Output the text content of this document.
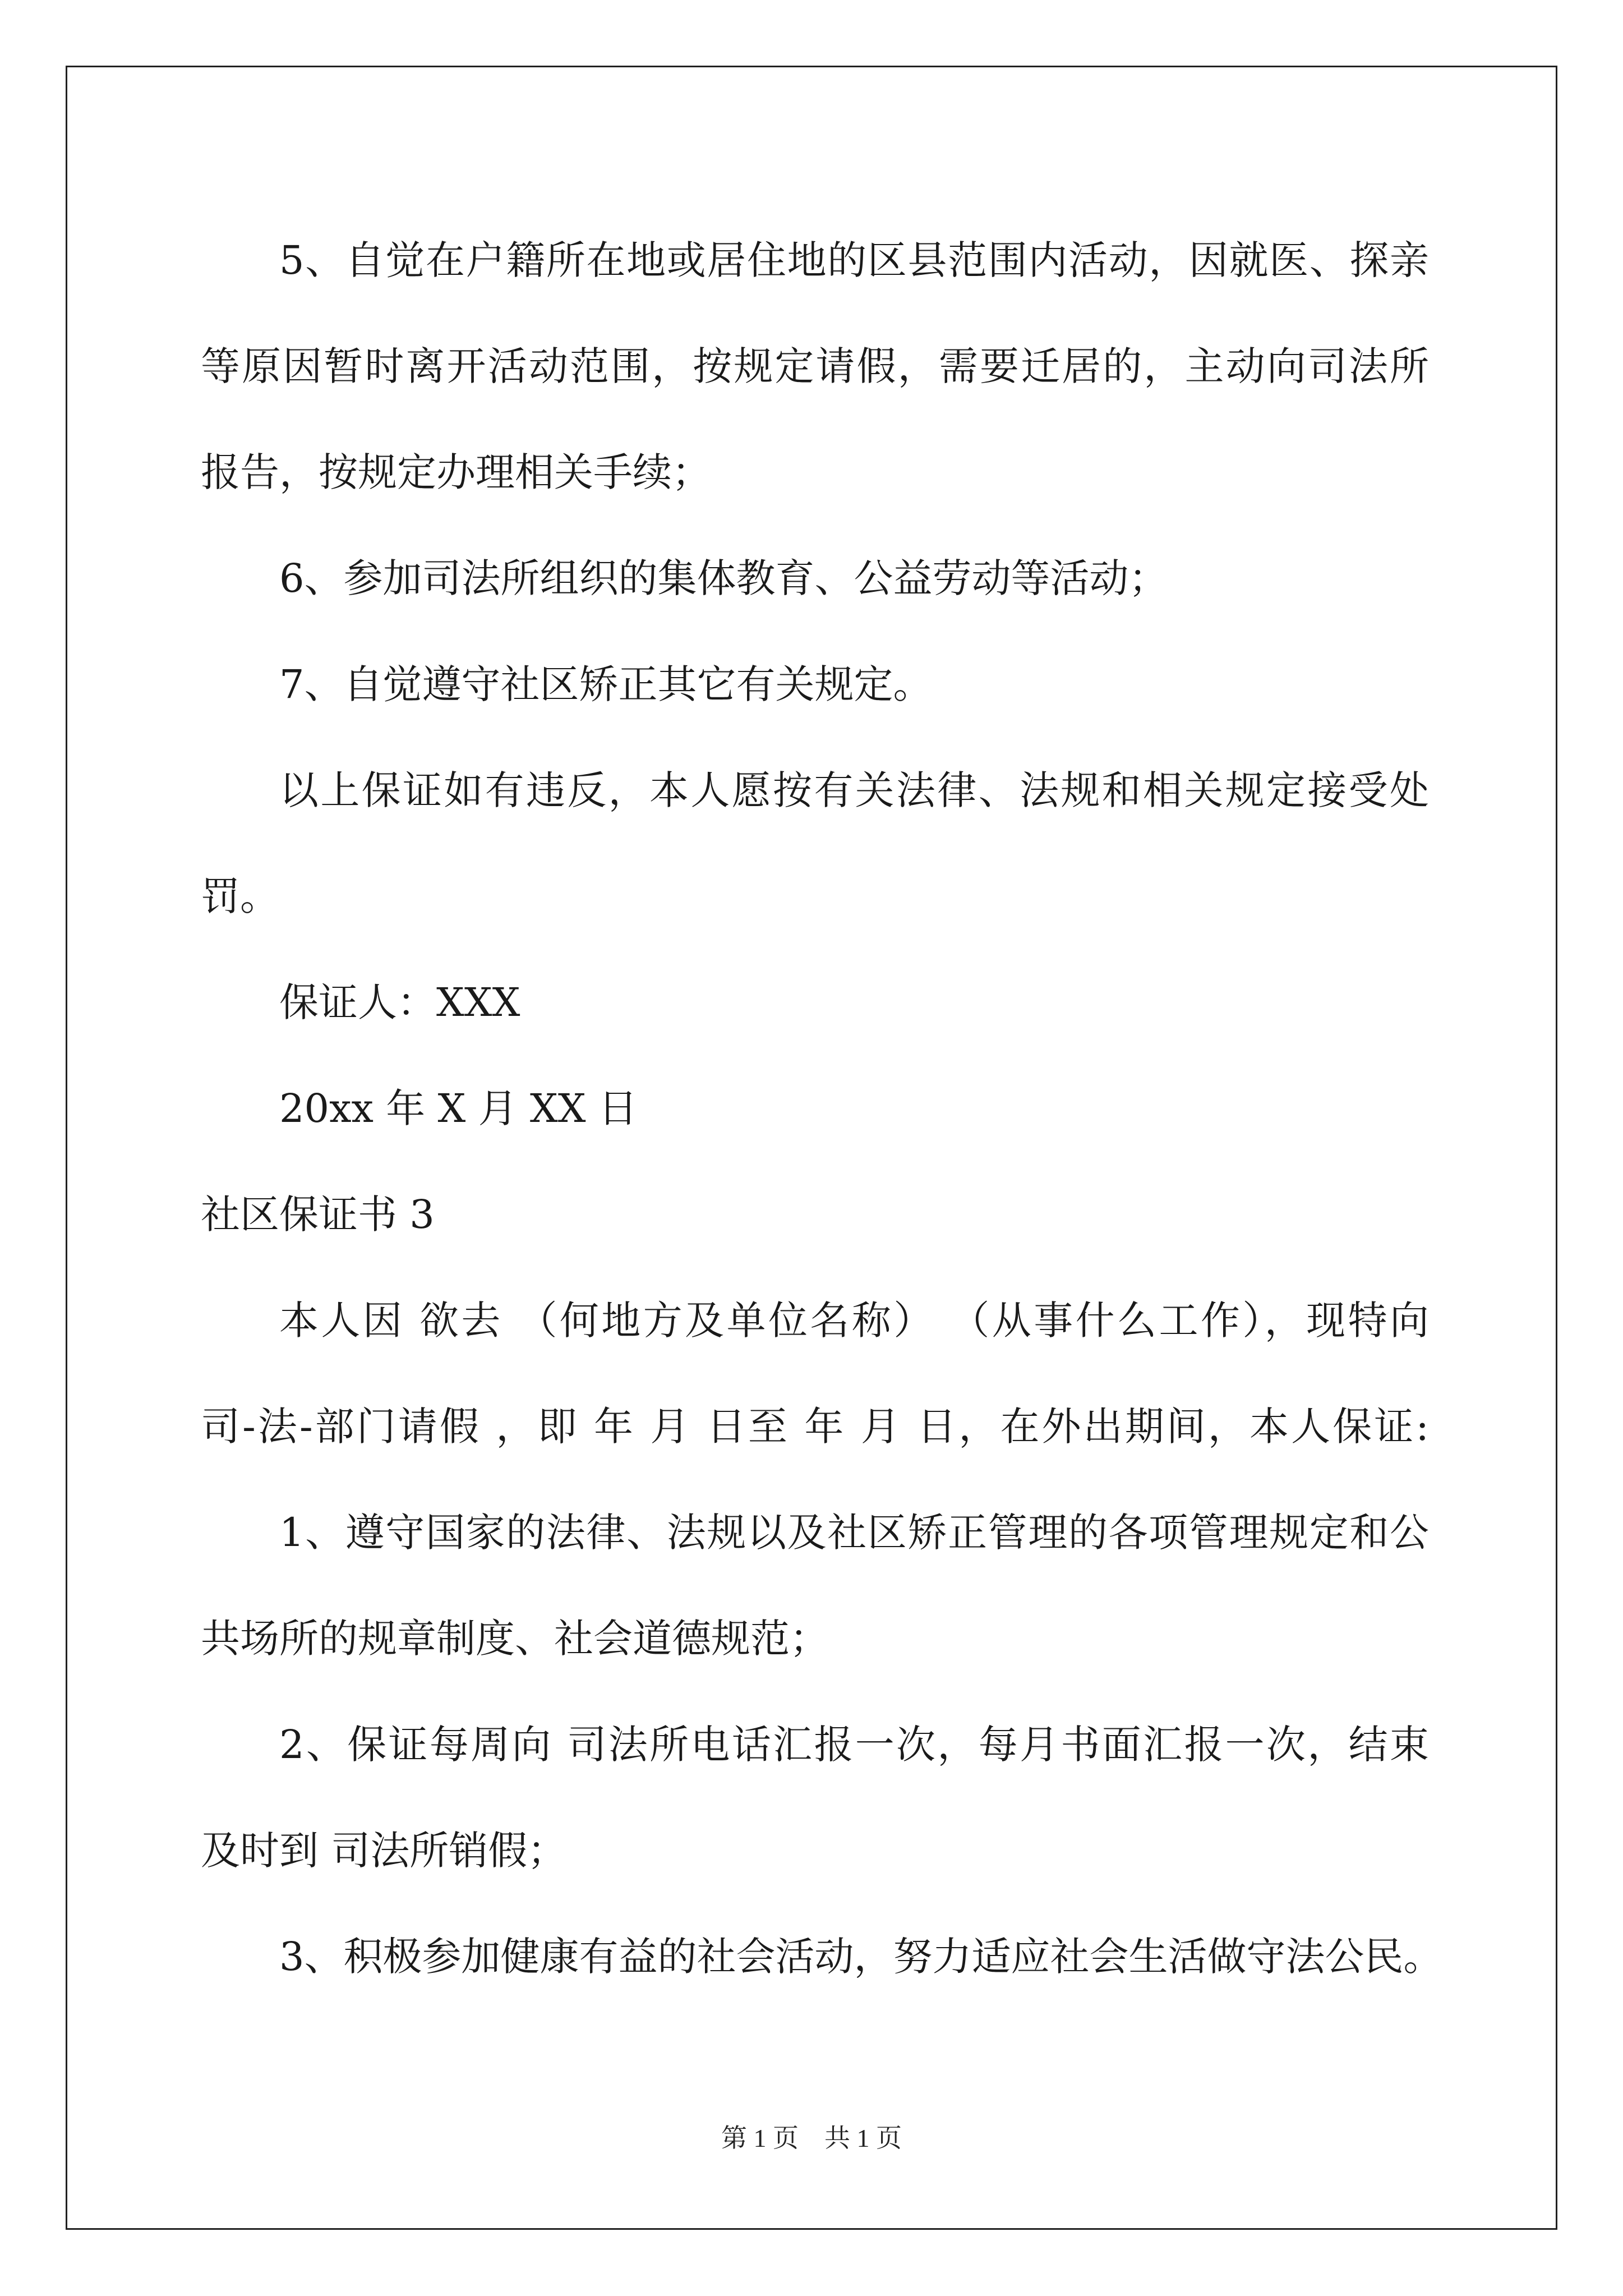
5、自觉在户籍所在地或居住地的区县范围内活动，因就医、探亲
等原因暂时离开活动范围，按规定请假，需要迁居的，主动向司法所
报告，按规定办理相关手续；
6、参加司法所组织的集体教育、公益劳动等活动；
7、自觉遵守社区矫正其它有关规定。
以上保证如有违反，本人愿按有关法律、法规和相关规定接受处
罚。
保证人：XXX
20xx 年 X 月 XX 日
社区保证书 3
本人因 欲去 （何地方及单位名称） （从事什么工作），现特向
司-法-部门请假 ，即 年 月 日至 年 月 日，在外出期间，本人保证:
1、遵守国家的法律、法规以及社区矫正管理的各项管理规定和公
共场所的规章制度、社会道德规范；
2、保证每周向 司法所电话汇报一次，每月书面汇报一次，结束
及时到 司法所销假；
3、积极参加健康有益的社会活动，努力适应社会生活做守法公民。
第 1 页　共 1 页
